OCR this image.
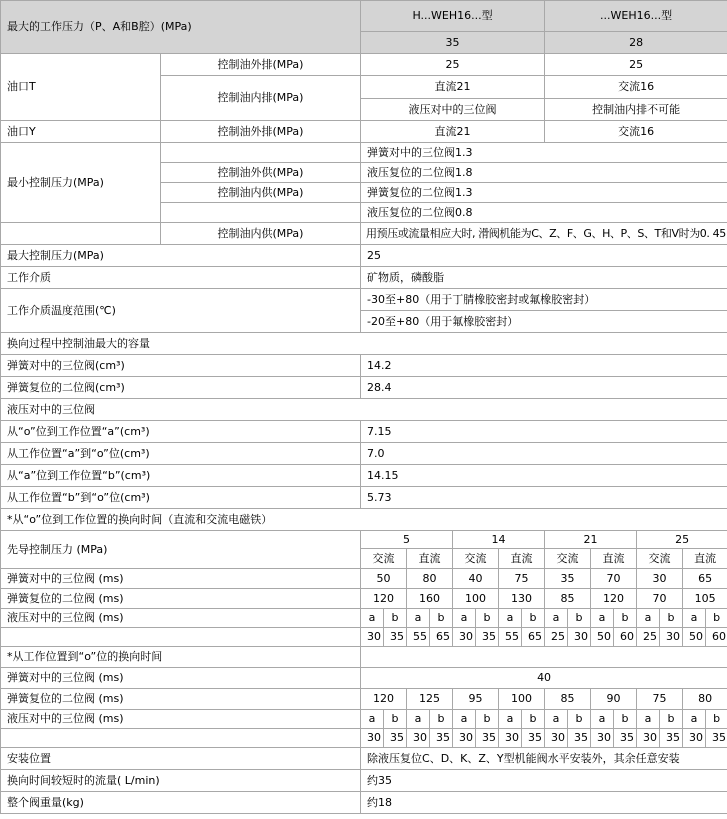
最大的工作压力（P、A和B腔）(MPa)		H...WEH16...型								...WEH16...型							
		35								28							
油口T	控制油外排(MPa)	25								25							
	控制油内排(MPa)	直流21								交流16							
		液压对中的三位阀								控制油内排不可能							
油口Y	控制油外排(MPa)	直流21								交流16							
最小控制压力(MPa)		弹簧对中的三位阀1.3															
	控制油外供(MPa)	液压复位的二位阀1.8															
	控制油内供(MPa)	弹簧复位的二位阀1.3															
		液压复位的二位阀0.8															
	控制油内供(MPa)	用预压或流量相应大时, 滑阀机能为C、Z、F、G、H、P、S、T和V时为0. 45															

最大控制压力(MPa)		25															
工作介质		矿物质，磷酸脂															
工作介质温度范围(℃)		-30至+80（用于丁腈橡胶密封或氟橡胶密封）															
		-20至+80（用于氟橡胶密封）															
换向过程中控制油最大的容量																	
弹簧对中的三位阀(cm³)		14.2															
弹簧复位的二位阀(cm³)		28.4															
液压对中的三位阀																	
从“o”位到工作位置“a”(cm³)		7.15															
从工作位置“a”到“o”位(cm³)		7.0															
从“a”位到工作位置“b”(cm³)		14.15															
从工作位置“b”到“o”位(cm³)		5.73															
*从“o”位到工作位置的换向时间（直流和交流电磁铁）																	
先导控制压力 (MPa)		5				14				21				25			
		交流		直流		交流		直流		交流		直流		交流		直流	
弹簧对中的三位阀 (ms)		50		80		40		75		35		70		30		65	
弹簧复位的二位阀 (ms)		120		160		100		130		85		120		70		105	
液压对中的三位阀 (ms)		a	b	a	b	a	b	a	b	a	b	a	b	a	b	a	b
		30	35	55	65	30	35	55	65	25	30	50	60	25	30	50	60
*从工作位置到“o”位的换向时间																	
弹簧对中的三位阀 (ms)		40															
弹簧复位的二位阀 (ms)		120		125		95		100		85		90		75		80	
液压对中的三位阀 (ms)		a	b	a	b	a	b	a	b	a	b	a	b	a	b	a	b
		30	35	30	35	30	35	30	35	30	35	30	35	30	35	30	35
安装位置		除液压复位C、D、K、Z、Y型机能阀水平安装外，其余任意安装															
换向时间较短时的流量( L/min)		约35															
整个阀重量(kg)		约18															
